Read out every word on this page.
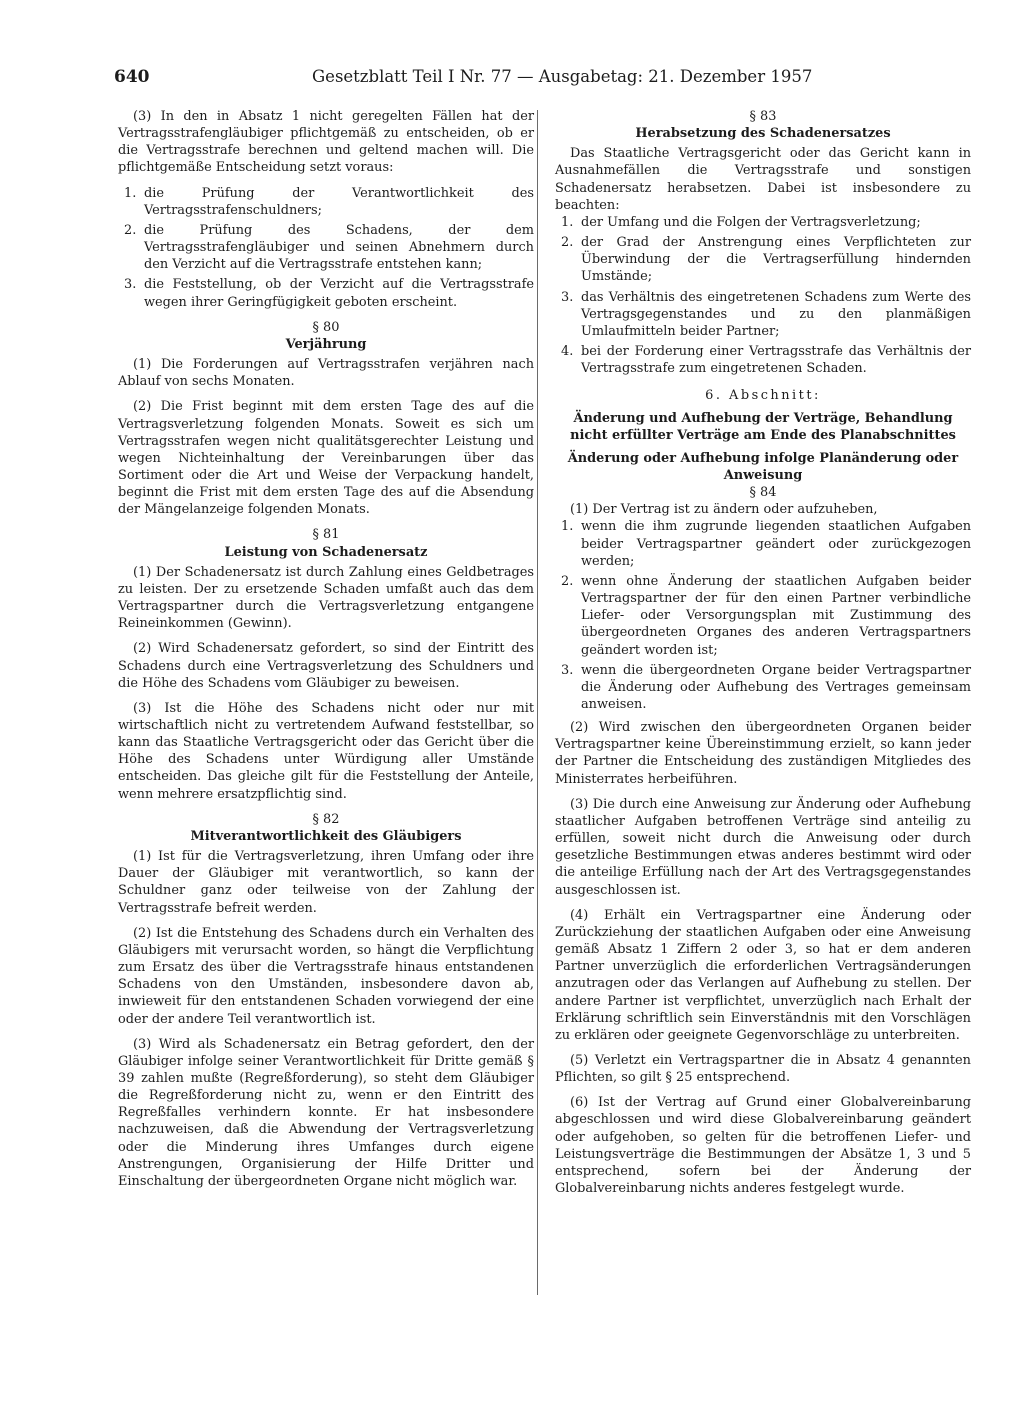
640	Gesetzblatt Teil I Nr. 77 — Ausgabetag: 21. Dezember 1957

(3) In den in Absatz 1 nicht geregelten Fällen hat der Vertragsstrafengläubiger pflichtgemäß zu entscheiden, ob er die Vertragsstrafe berechnen und geltend machen will. Die pflichtgemäße Entscheidung setzt voraus:

1. die Prüfung der Verantwortlichkeit des Vertragsstrafenschuldners;
2. die Prüfung des Schadens, der dem Vertragsstrafengläubiger und seinen Abnehmern durch den Verzicht auf die Vertragsstrafe entstehen kann;
3. die Feststellung, ob der Verzicht auf die Vertragsstrafe wegen ihrer Geringfügigkeit geboten erscheint.
§ 80
Verjährung

(1) Die Forderungen auf Vertragsstrafen verjähren nach Ablauf von sechs Monaten.

(2) Die Frist beginnt mit dem ersten Tage des auf die Vertragsverletzung folgenden Monats. Soweit es sich um Vertragsstrafen wegen nicht qualitätsgerechter Leistung und wegen Nichteinhaltung der Vereinbarungen über das Sortiment oder die Art und Weise der Verpackung handelt, beginnt die Frist mit dem ersten Tage des auf die Absendung der Mängelanzeige folgenden Monats.

§ 81
Leistung von Schadenersatz

(1) Der Schadenersatz ist durch Zahlung eines Geldbetrages zu leisten. Der zu ersetzende Schaden umfaßt auch das dem Vertragspartner durch die Vertragsverletzung entgangene Reineinkommen (Gewinn).

(2) Wird Schadenersatz gefordert, so sind der Eintritt des Schadens durch eine Vertragsverletzung des Schuldners und die Höhe des Schadens vom Gläubiger zu beweisen.

(3) Ist die Höhe des Schadens nicht oder nur mit wirtschaftlich nicht zu vertretendem Aufwand feststellbar, so kann das Staatliche Vertragsgericht oder das Gericht über die Höhe des Schadens unter Würdigung aller Umstände entscheiden. Das gleiche gilt für die Feststellung der Anteile, wenn mehrere ersatzpflichtig sind.

§ 82
Mitverantwortlichkeit des Gläubigers

(1) Ist für die Vertragsverletzung, ihren Umfang oder ihre Dauer der Gläubiger mit verantwortlich, so kann der Schuldner ganz oder teilweise von der Zahlung der Vertragsstrafe befreit werden.

(2) Ist die Entstehung des Schadens durch ein Verhalten des Gläubigers mit verursacht worden, so hängt die Verpflichtung zum Ersatz des über die Vertragsstrafe hinaus entstandenen Schadens von den Umständen, insbesondere davon ab, inwieweit für den entstandenen Schaden vorwiegend der eine oder der andere Teil verantwortlich ist.

(3) Wird als Schadenersatz ein Betrag gefordert, den der Gläubiger infolge seiner Verantwortlichkeit für Dritte gemäß § 39 zahlen mußte (Regreßforderung), so steht dem Gläubiger die Regreßforderung nicht zu, wenn er den Eintritt des Regreßfalles verhindern konnte. Er hat insbesondere nachzuweisen, daß die Abwendung der Vertragsverletzung oder die Minderung ihres Umfanges durch eigene Anstrengungen, Organisierung der Hilfe Dritter und Einschaltung der übergeordneten Organe nicht möglich war.

§ 83
Herabsetzung des Schadenersatzes

Das Staatliche Vertragsgericht oder das Gericht kann in Ausnahmefällen die Vertragsstrafe und sonstigen Schadenersatz herabsetzen. Dabei ist insbesondere zu beachten:

1. der Umfang und die Folgen der Vertragsverletzung;
2. der Grad der Anstrengung eines Verpflichteten zur Überwindung der die Vertragserfüllung hindernden Umstände;
3. das Verhältnis des eingetretenen Schadens zum Werte des Vertragsgegenstandes und zu den planmäßigen Umlaufmitteln beider Partner;
4. bei der Forderung einer Vertragsstrafe das Verhältnis der Vertragsstrafe zum eingetretenen Schaden.
6. Abschnitt:
Änderung und Aufhebung der Verträge, Behandlung nicht erfüllter Verträge am Ende des Planabschnittes
Änderung oder Aufhebung infolge Planänderung oder Anweisung
§ 84

(1) Der Vertrag ist zu ändern oder aufzuheben,

1. wenn die ihm zugrunde liegenden staatlichen Aufgaben beider Vertragspartner geändert oder zurückgezogen werden;
2. wenn ohne Änderung der staatlichen Aufgaben beider Vertragspartner der für den einen Partner verbindliche Liefer- oder Versorgungsplan mit Zustimmung des übergeordneten Organes des anderen Vertragspartners geändert worden ist;
3. wenn die übergeordneten Organe beider Vertragspartner die Änderung oder Aufhebung des Vertrages gemeinsam anweisen.

(2) Wird zwischen den übergeordneten Organen beider Vertragspartner keine Übereinstimmung erzielt, so kann jeder der Partner die Entscheidung des zuständigen Mitgliedes des Ministerrates herbeiführen.

(3) Die durch eine Anweisung zur Änderung oder Aufhebung staatlicher Aufgaben betroffenen Verträge sind anteilig zu erfüllen, soweit nicht durch die Anweisung oder durch gesetzliche Bestimmungen etwas anderes bestimmt wird oder die anteilige Erfüllung nach der Art des Vertragsgegenstandes ausgeschlossen ist.

(4) Erhält ein Vertragspartner eine Änderung oder Zurückziehung der staatlichen Aufgaben oder eine Anweisung gemäß Absatz 1 Ziffern 2 oder 3, so hat er dem anderen Partner unverzüglich die erforderlichen Vertragsänderungen anzutragen oder das Verlangen auf Aufhebung zu stellen. Der andere Partner ist verpflichtet, unverzüglich nach Erhalt der Erklärung schriftlich sein Einverständnis mit den Vorschlägen zu erklären oder geeignete Gegenvorschläge zu unterbreiten.

(5) Verletzt ein Vertragspartner die in Absatz 4 genannten Pflichten, so gilt § 25 entsprechend.

(6) Ist der Vertrag auf Grund einer Globalvereinbarung abgeschlossen und wird diese Globalvereinbarung geändert oder aufgehoben, so gelten für die betroffenen Liefer- und Leistungsverträge die Bestimmungen der Absätze 1, 3 und 5 entsprechend, sofern bei der Änderung der Globalvereinbarung nichts anderes festgelegt wurde.
